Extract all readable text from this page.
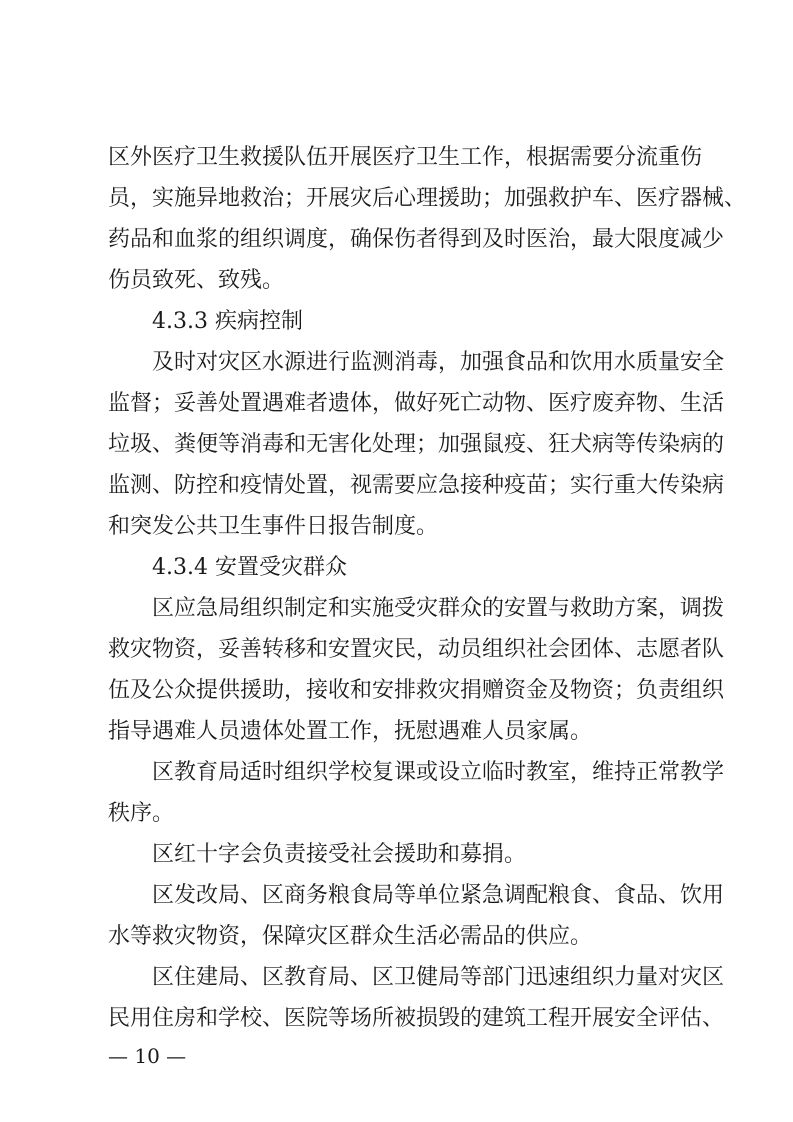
区外医疗卫生救援队伍开展医疗卫生工作，根据需要分流重伤
员，实施异地救治；开展灾后心理援助；加强救护车、医疗器械、
药品和血浆的组织调度，确保伤者得到及时医治，最大限度减少
伤员致死、致残。
4.3.3 疾病控制
及时对灾区水源进行监测消毒，加强食品和饮用水质量安全
监督；妥善处置遇难者遗体，做好死亡动物、医疗废弃物、生活
垃圾、粪便等消毒和无害化处理；加强鼠疫、狂犬病等传染病的
监测、防控和疫情处置，视需要应急接种疫苗；实行重大传染病
和突发公共卫生事件日报告制度。
4.3.4 安置受灾群众
区应急局组织制定和实施受灾群众的安置与救助方案，调拨
救灾物资，妥善转移和安置灾民，动员组织社会团体、志愿者队
伍及公众提供援助，接收和安排救灾捐赠资金及物资；负责组织
指导遇难人员遗体处置工作，抚慰遇难人员家属。
区教育局适时组织学校复课或设立临时教室，维持正常教学
秩序。
区红十字会负责接受社会援助和募捐。
区发改局、区商务粮食局等单位紧急调配粮食、食品、饮用
水等救灾物资，保障灾区群众生活必需品的供应。
区住建局、区教育局、区卫健局等部门迅速组织力量对灾区
民用住房和学校、医院等场所被损毁的建筑工程开展安全评估、
— 10 —
